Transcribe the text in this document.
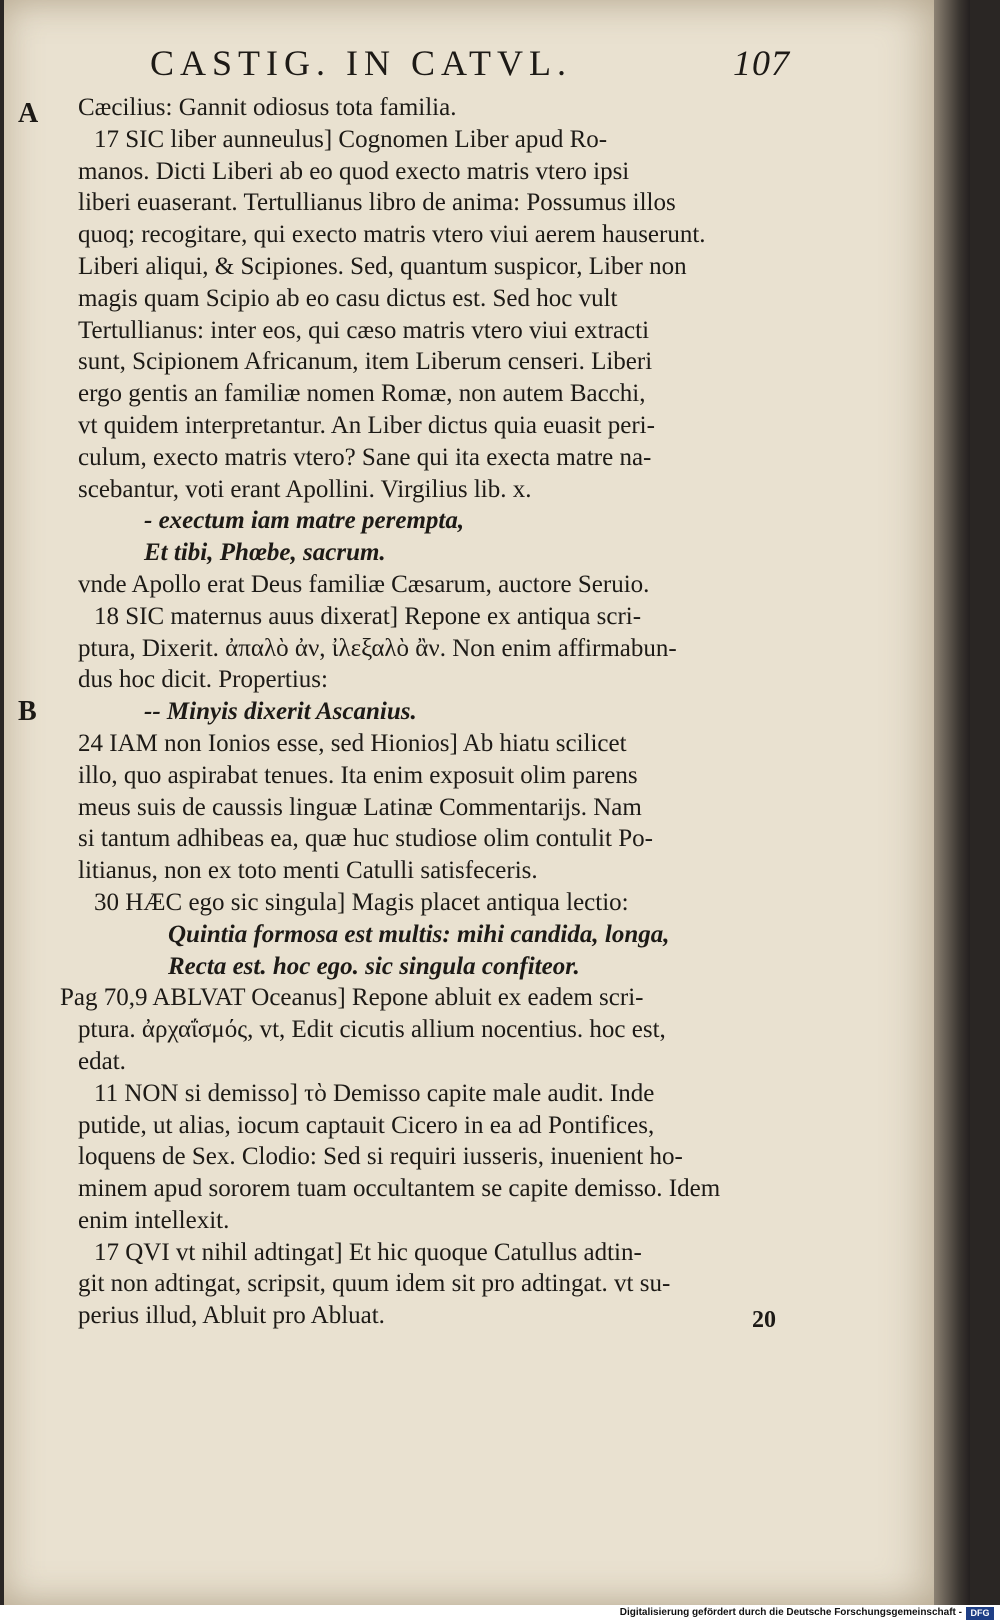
CASTIG. IN CATVL.	107
A
B

Cæcilius: Gannit odiosus tota familia.

17 SIC liber aunneulus] Cognomen Liber apud Ro-

manos. Dicti Liberi ab eo quod execto matris vtero ipsi

liberi euaserant. Tertullianus libro de anima: Possumus illos

quoq; recogitare, qui execto matris vtero viui aerem hauserunt.

Liberi aliqui, & Scipiones. Sed, quantum suspicor, Liber non

magis quam Scipio ab eo casu dictus est. Sed hoc vult

Tertullianus: inter eos, qui cæso matris vtero viui extracti

sunt, Scipionem Africanum, item Liberum censeri. Liberi

ergo gentis an familiæ nomen Romæ, non autem Bacchi,

vt quidem interpretantur. An Liber dictus quia euasit peri-

culum, execto matris vtero? Sane qui ita execta matre na-

scebantur, voti erant Apollini. Virgilius lib. x.

- exectum iam matre perempta,

Et tibi, Phœbe, sacrum.

vnde Apollo erat Deus familiæ Cæsarum, auctore Seruio.

18 SIC maternus auus dixerat] Repone ex antiqua scri-

ptura, Dixerit. ἀπαλὸ ἀν, ἰλεξαλὸ ἂν. Non enim affirmabun-

dus hoc dicit. Propertius:

-- Minyis dixerit Ascanius.

24 IAM non Ionios esse, sed Hionios] Ab hiatu scilicet

illo, quo aspirabat tenues. Ita enim exposuit olim parens

meus suis de caussis linguæ Latinæ Commentarijs. Nam

si tantum adhibeas ea, quæ huc studiose olim contulit Po-

litianus, non ex toto menti Catulli satisfeceris.

30 HÆC ego sic singula] Magis placet antiqua lectio:

Quintia formosa est multis: mihi candida, longa,

Recta est. hoc ego. sic singula confiteor.

Pag 70,9 ABLVAT Oceanus] Repone abluit ex eadem scri-

ptura. ἀρχαΐσμός, vt, Edit cicutis allium nocentius. hoc est,

edat.

11 NON si demisso] τὸ Demisso capite male audit. Inde

putide, ut alias, iocum captauit Cicero in ea ad Pontifices,

loquens de Sex. Clodio: Sed si requiri iusseris, inuenient ho-

minem apud sororem tuam occultantem se capite demisso. Idem

enim intellexit.

17 QVI vt nihil adtingat] Et hic quoque Catullus adtin-

git non adtingat, scripsit, quum idem sit pro adtingat. vt su-

perius illud, Abluit pro Abluat.	20
Digitalisierung gefördert durch die Deutsche Forschungsgemeinschaft - DFG
